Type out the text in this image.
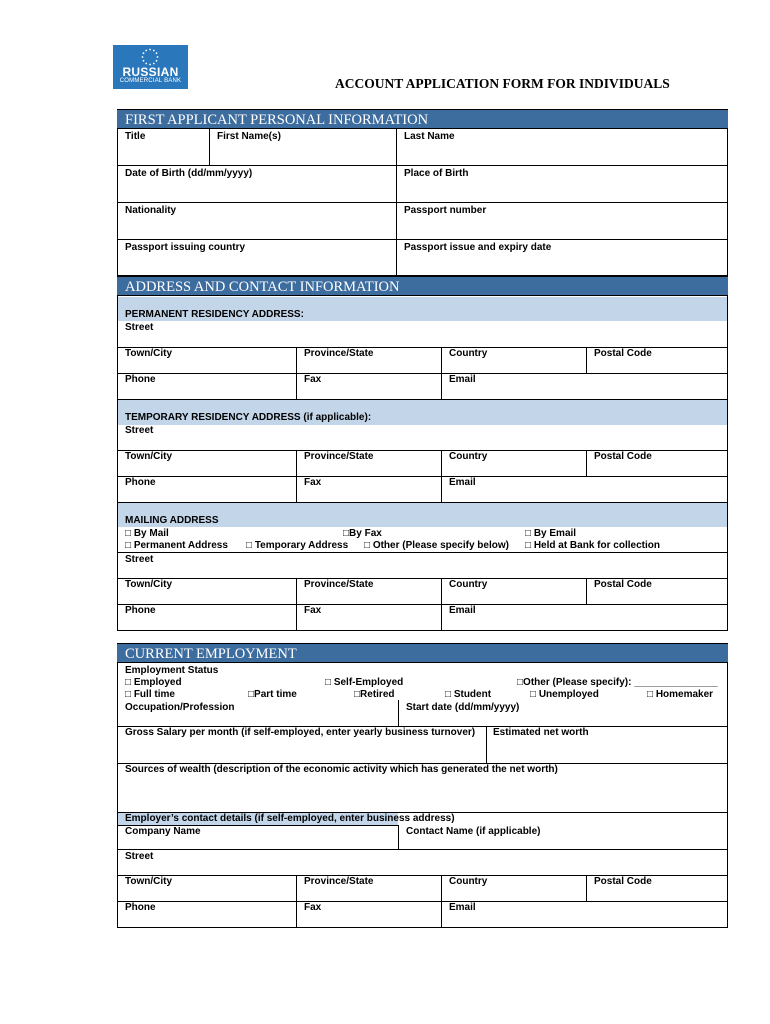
RUSSIAN
COMMERCIAL BANK	ACCOUNT APPLICATION FORM FOR INDIVIDUALS
FIRST APPLICANT PERSONAL INFORMATION
Title	First Name(s)	Last Name
Date of Birth (dd/mm/yyyy)	Place of Birth
Nationality	Passport number
Passport issuing country	Passport issue and expiry date
ADDRESS AND CONTACT INFORMATION
PERMANENT RESIDENCY ADDRESS:
Street
Town/City	Province/State	Country	Postal Code
Phone	Fax	Email
TEMPORARY RESIDENCY ADDRESS (if applicable):
Street
Town/City	Province/State	Country	Postal Code
Phone	Fax	Email
MAILING ADDRESS
□ By Mail	□By Fax	□ By Email
□ Permanent Address □ Temporary Address □ Other (Please specify below) □ Held at Bank for collection
Street
Town/City	Province/State	Country	Postal Code
Phone	Fax	Email
CURRENT EMPLOYMENT
Employment Status
□ Employed	□ Self-Employed	□Other (Please specify): _______________
□ Full time	□Part time	□Retired	□ Student	□ Unemployed	□ Homemaker
Occupation/Profession	Start date (dd/mm/yyyy)
Gross Salary per month (if self-employed, enter yearly business turnover) Estimated net worth
Sources of wealth (description of the economic activity which has generated the net worth)
Employer’s contact details (if self-employed, enter business address)
Company Name	Contact Name (if applicable)
Street
Town/City	Province/State	Country	Postal Code
Phone	Fax	Email
